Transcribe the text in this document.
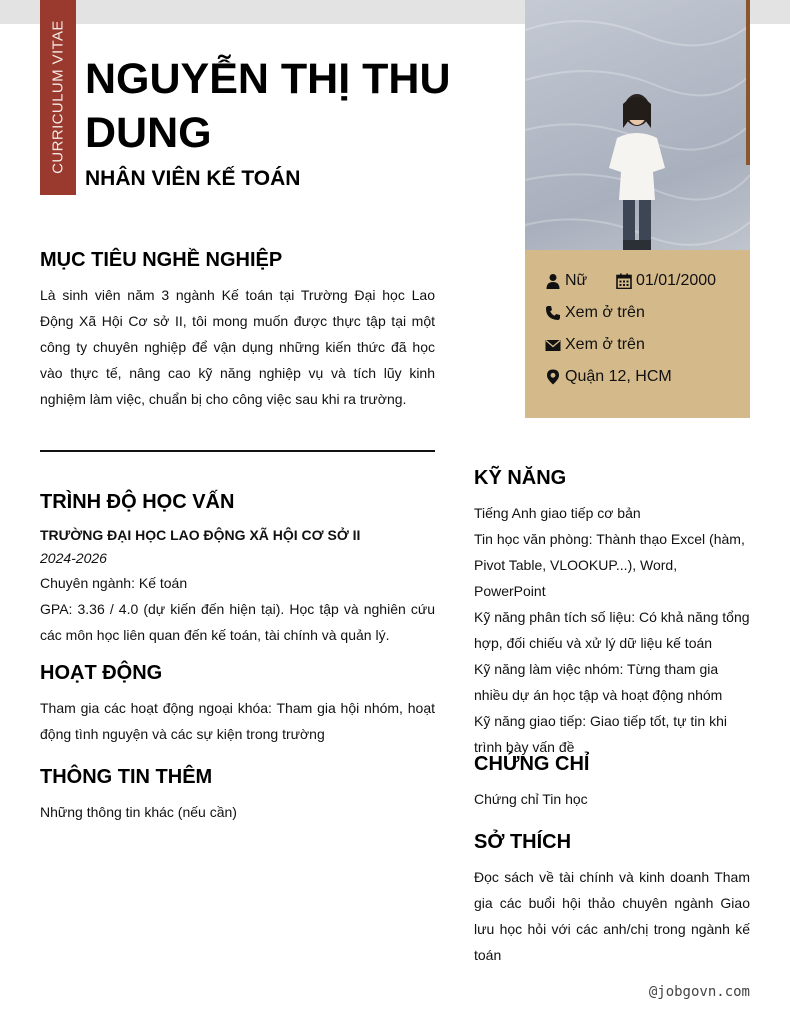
CURRICULUM VITAE NGUYỄN THỊ THU DUNG
NHÂN VIÊN KẾ TOÁN
Nữ	01/01/2000
Xem ở trên
Xem ở trên
Quận 12, HCM
MỤC TIÊU NGHỀ NGHIỆP
Là sinh viên năm 3 ngành Kế toán tại Trường Đại học Lao Động Xã Hội Cơ sở II, tôi mong muốn được thực tập tại một công ty chuyên nghiệp để vận dụng những kiến thức đã học vào thực tế, nâng cao kỹ năng nghiệp vụ và tích lũy kinh nghiệm làm việc, chuẩn bị cho công việc sau khi ra trường.
TRÌNH ĐỘ HỌC VẤN
TRƯỜNG ĐẠI HỌC LAO ĐỘNG XÃ HỘI CƠ SỞ II
2024-2026
Chuyên ngành: Kế toán
GPA: 3.36 / 4.0 (dự kiến đến hiện tại). Học tập và nghiên cứu các môn học liên quan đến kế toán, tài chính và quản lý.
HOẠT ĐỘNG
Tham gia các hoạt động ngoại khóa: Tham gia hội nhóm, hoạt động tình nguyện và các sự kiện trong trường
THÔNG TIN THÊM
Những thông tin khác (nếu cần)
KỸ NĂNG
Tiếng Anh giao tiếp cơ bản
Tin học văn phòng: Thành thạo Excel (hàm, Pivot Table, VLOOKUP...), Word, PowerPoint
Kỹ năng phân tích số liệu: Có khả năng tổng hợp, đối chiếu và xử lý dữ liệu kế toán
Kỹ năng làm việc nhóm: Từng tham gia nhiều dự án học tập và hoạt động nhóm
Kỹ năng giao tiếp: Giao tiếp tốt, tự tin khi trình bày vấn đề
CHỨNG CHỈ
Chứng chỉ Tin học
SỞ THÍCH
Đọc sách về tài chính và kinh doanh Tham gia các buổi hội thảo chuyên ngành Giao lưu học hỏi với các anh/chị trong ngành kế toán
@jobgovn.com
